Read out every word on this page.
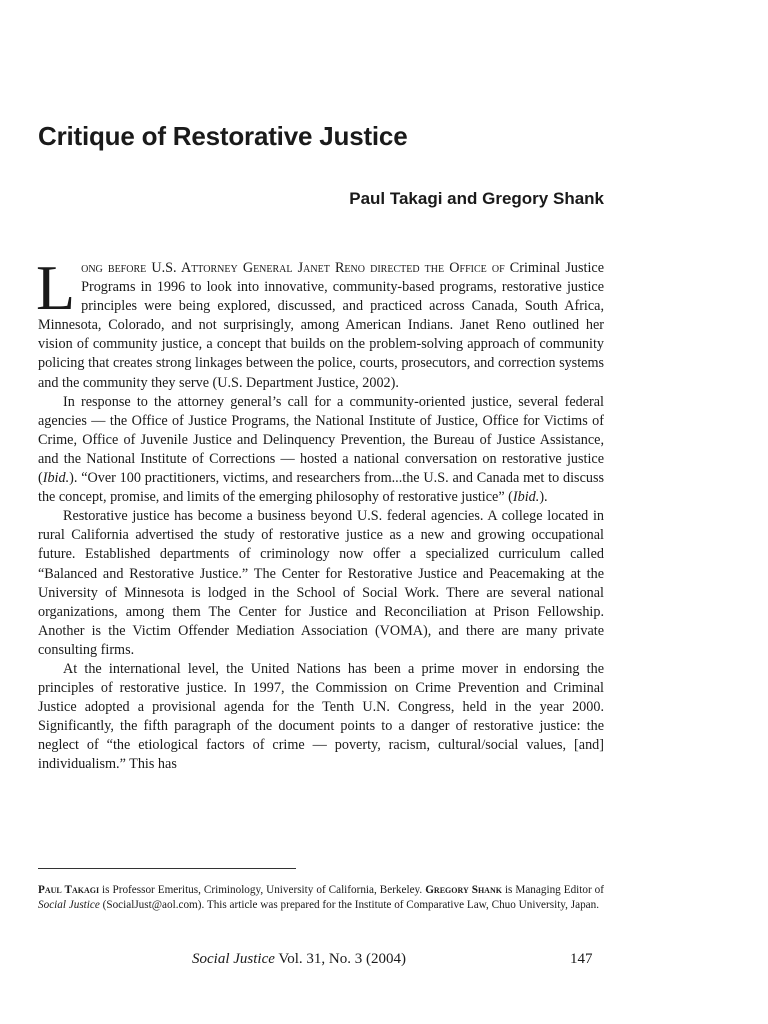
Critique of Restorative Justice
Paul Takagi and Gregory Shank

Long before U.S. Attorney General Janet Reno directed the Office of Criminal Justice Programs in 1996 to look into innovative, community-based programs, restorative justice principles were being explored, discussed, and practiced across Canada, South Africa, Minnesota, Colorado, and not surprisingly, among American Indians. Janet Reno outlined her vision of community justice, a concept that builds on the problem-solving approach of community policing that creates strong linkages between the police, courts, prosecutors, and correction systems and the community they serve (U.S. Department Justice, 2002).

In response to the attorney general’s call for a community-oriented justice, several federal agencies — the Office of Justice Programs, the National Institute of Justice, Office for Victims of Crime, Office of Juvenile Justice and Delinquency Prevention, the Bureau of Justice Assistance, and the National Institute of Corrections — hosted a national conversation on restorative justice (Ibid.). “Over 100 practitioners, victims, and researchers from...the U.S. and Canada met to discuss the concept, promise, and limits of the emerging philosophy of restorative justice” (Ibid.).

Restorative justice has become a business beyond U.S. federal agencies. A college located in rural California advertised the study of restorative justice as a new and growing occupational future. Established departments of criminology now offer a specialized curriculum called “Balanced and Restorative Justice.” The Center for Restorative Justice and Peacemaking at the University of Minnesota is lodged in the School of Social Work. There are several national organizations, among them The Center for Justice and Reconciliation at Prison Fellowship. Another is the Victim Offender Mediation Association (VOMA), and there are many private consulting firms.

At the international level, the United Nations has been a prime mover in endorsing the principles of restorative justice. In 1997, the Commission on Crime Prevention and Criminal Justice adopted a provisional agenda for the Tenth U.N. Congress, held in the year 2000. Significantly, the fifth paragraph of the document points to a danger of restorative justice: the neglect of “the etiological factors of crime — poverty, racism, cultural/social values, [and] individualism.” This has

Paul Takagi is Professor Emeritus, Criminology, University of California, Berkeley. Gregory Shank is Managing Editor of Social Justice (SocialJust@aol.com). This article was prepared for the Institute of Comparative Law, Chuo University, Japan.
Social Justice Vol. 31, No. 3 (2004)	147
